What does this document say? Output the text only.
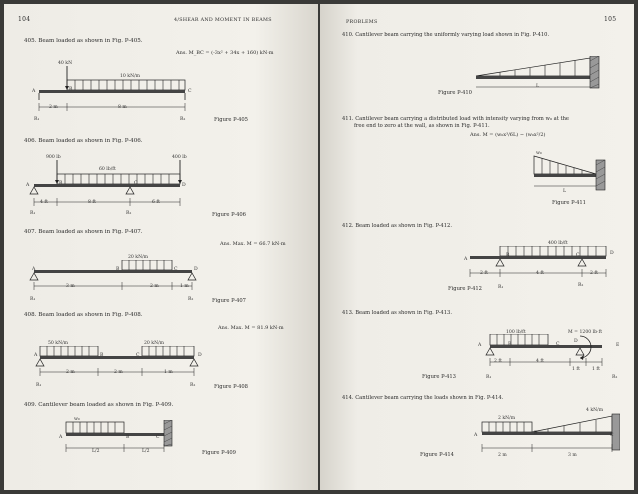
104	4/SHEAR AND MOMENT IN BEAMS
405. Beam loaded as shown in Fig. P-405.
Ans. M_BC = (-3x² + 34x + 160) kN·m
40 kN
10 kN/m
A	B	C
2 m	8 m
R₁	R₂	Figure P-405
406. Beam loaded as shown in Fig. P-406.
900 lb	400 lb
60 lb/ft
A	B	C	D
4 ft	8 ft	6 ft
R₁	R₂	Figure P-406
407. Beam loaded as shown in Fig. P-407.
Ans. Max. M = 66.7 kN·m
20 kN/m
A	B	C	D
3 m	2 m	1 m
R₁	R₂	Figure P-407
408. Beam loaded as shown in Fig. P-408.
Ans. Max. M = 81.9 kN·m
50 kN/m	20 kN/m
A	B	C	D
2 m	2 m	1 m
R₁	R₂	Figure P-408
409. Cantilever beam loaded as shown in Fig. P-409.
w₀
A	B	C
L/2	L/2	Figure P-409
PROBLEMS	105
410. Cantilever beam carrying the uniformly varying load shown in Fig. P-410.
L
Figure P-410
411. Cantilever beam carrying a distributed load with intensity varying from w₀ at the
free end to zero at the wall, as shown in Fig. P-411.
Ans. M = (w₀x³/6L) − (w₀x²/2)
w₀
L
Figure P-411
412. Beam loaded as shown in Fig. P-412.
400 lb/ft
A
B	C	D
2 ft	4 ft	2 ft
R₁	R₂
Figure P-412
413. Beam loaded as shown in Fig. P-413.
100 lb/ft	M = 1200 lb·ft
A	B	C
D
E
2 ft	4 ft
1 ft	1 ft
R₁	R₂
Figure P-413
414. Cantilever beam carrying the loads shown in Fig. P-414.
2 kN/m
4 kN/m
A	B	C
2 m	3 m
Figure P-414
